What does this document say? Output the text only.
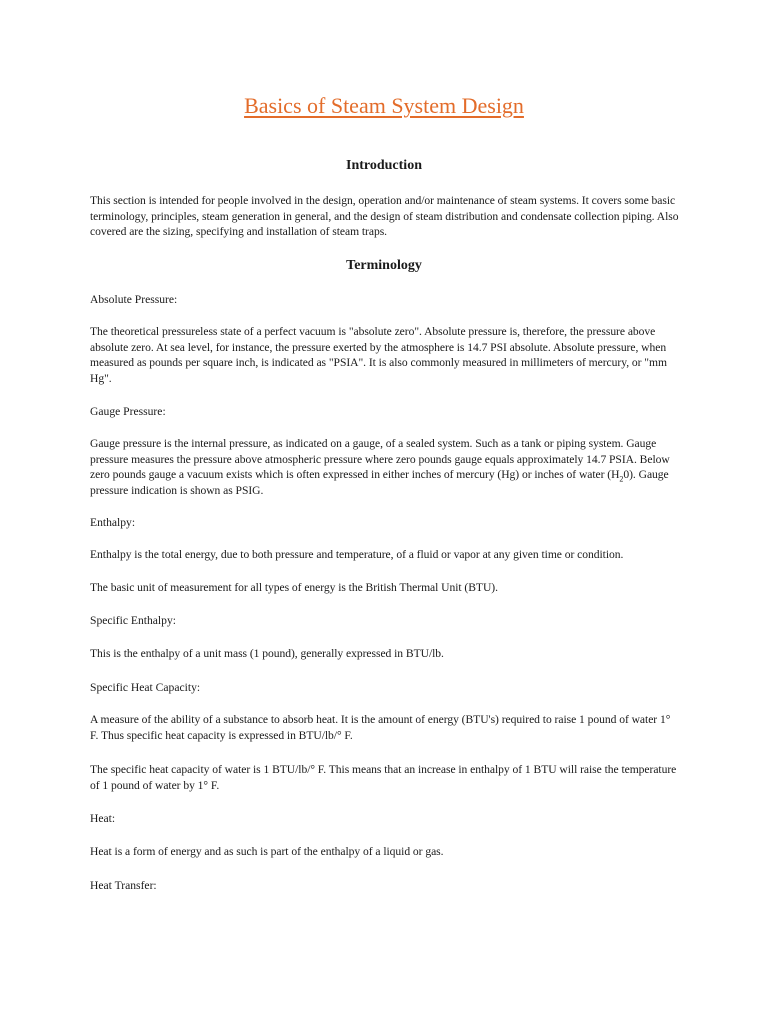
Basics of Steam System Design
Introduction

This section is intended for people involved in the design, operation and/or maintenance of steam systems. It covers some basic terminology, principles, steam generation in general, and the design of steam distribution and condensate collection piping. Also covered are the sizing, specifying and installation of steam traps.

Terminology

Absolute Pressure:

The theoretical pressureless state of a perfect vacuum is "absolute zero". Absolute pressure is, therefore, the pressure above absolute zero. At sea level, for instance, the pressure exerted by the atmosphere is 14.7 PSI absolute. Absolute pressure, when measured as pounds per square inch, is indicated as "PSIA". It is also commonly measured in millimeters of mercury, or "mm Hg".

Gauge Pressure:

Gauge pressure is the internal pressure, as indicated on a gauge, of a sealed system. Such as a tank or piping system. Gauge pressure measures the pressure above atmospheric pressure where zero pounds gauge equals approximately 14.7 PSIA. Below zero pounds gauge a vacuum exists which is often expressed in either inches of mercury (Hg) or inches of water $(H_20)$. Gauge pressure indication is shown as PSIG.

Enthalpy:

Enthalpy is the total energy, due to both pressure and temperature, of a fluid or vapor at any given time or condition.

The basic unit of measurement for all types of energy is the British Thermal Unit (BTU).

Specific Enthalpy:

This is the enthalpy of a unit mass (1 pound), generally expressed in BTU/lb.

Specific Heat Capacity:

A measure of the ability of a substance to absorb heat. It is the amount of energy (BTU's) required to raise 1 pound of water 1° F. Thus specific heat capacity is expressed in BTU/lb/° F.

The specific heat capacity of water is 1 BTU/lb/° F. This means that an increase in enthalpy of 1 BTU will raise the temperature of 1 pound of water by 1° F.

Heat:

Heat is a form of energy and as such is part of the enthalpy of a liquid or gas.

Heat Transfer:
